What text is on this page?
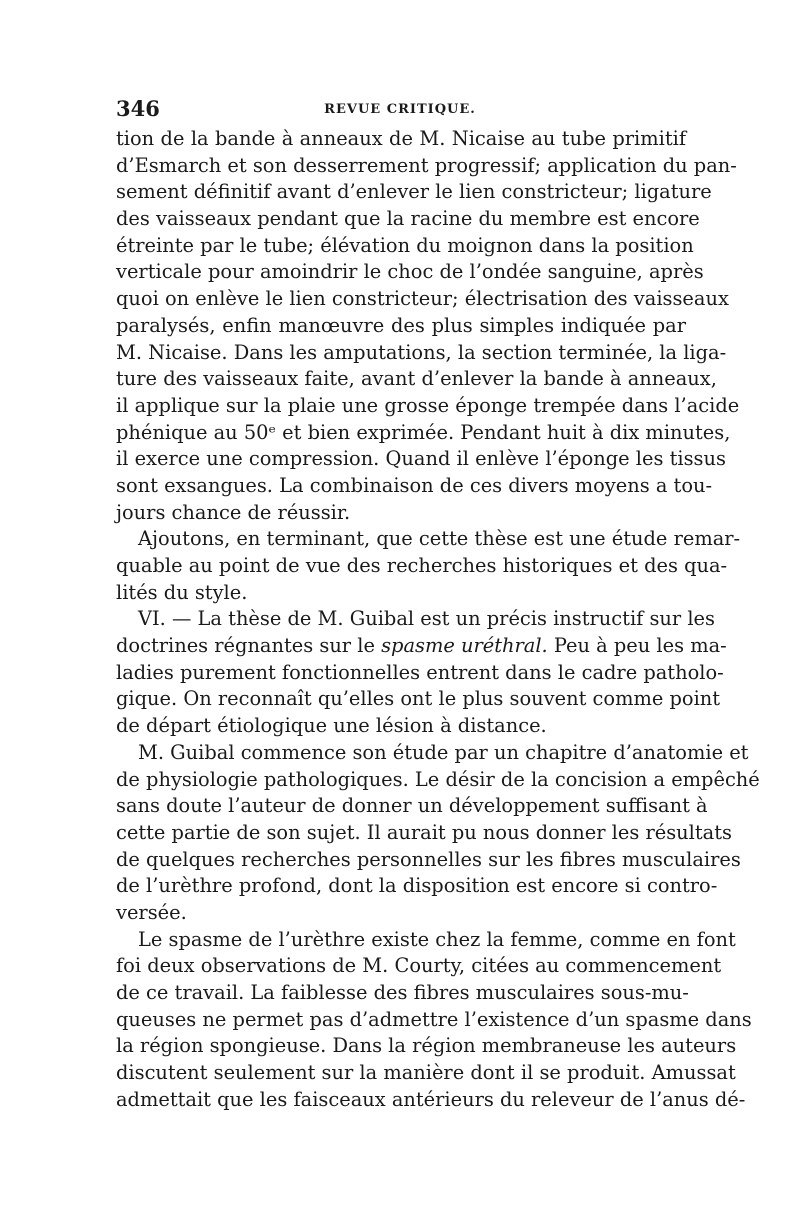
346	REVUE CRITIQUE.
tion de la bande à anneaux de M. Nicaise au tube primitif
d’Esmarch et son desserrement progressif; application du pan-
sement définitif avant d’enlever le lien constricteur; ligature
des vaisseaux pendant que la racine du membre est encore
étreinte par le tube; élévation du moignon dans la position
verticale pour amoindrir le choc de l’ondée sanguine, après
quoi on enlève le lien constricteur; électrisation des vaisseaux
paralysés, enfin manœuvre des plus simples indiquée par
M. Nicaise. Dans les amputations, la section terminée, la liga-
ture des vaisseaux faite, avant d’enlever la bande à anneaux,
il applique sur la plaie une grosse éponge trempée dans l’acide
phénique au 50ᵉ et bien exprimée. Pendant huit à dix minutes,
il exerce une compression. Quand il enlève l’éponge les tissus
sont exsangues. La combinaison de ces divers moyens a tou-
jours chance de réussir.
Ajoutons, en terminant, que cette thèse est une étude remar-
quable au point de vue des recherches historiques et des qua-
lités du style.
VI. — La thèse de M. Guibal est un précis instructif sur les
doctrines régnantes sur le spasme uréthral. Peu à peu les ma-
ladies purement fonctionnelles entrent dans le cadre patholo-
gique. On reconnaît qu’elles ont le plus souvent comme point
de départ étiologique une lésion à distance.
M. Guibal commence son étude par un chapitre d’anatomie et
de physiologie pathologiques. Le désir de la concision a empêché
sans doute l’auteur de donner un développement suffisant à
cette partie de son sujet. Il aurait pu nous donner les résultats
de quelques recherches personnelles sur les fibres musculaires
de l’urèthre profond, dont la disposition est encore si contro-
versée.
Le spasme de l’urèthre existe chez la femme, comme en font
foi deux observations de M. Courty, citées au commencement
de ce travail. La faiblesse des fibres musculaires sous-mu-
queuses ne permet pas d’admettre l’existence d’un spasme dans
la région spongieuse. Dans la région membraneuse les auteurs
discutent seulement sur la manière dont il se produit. Amussat
admettait que les faisceaux antérieurs du releveur de l’anus dé-
